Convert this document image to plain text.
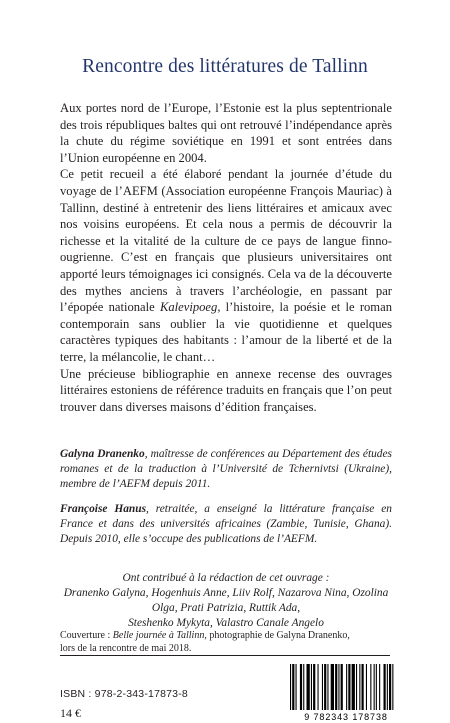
Rencontre des littératures de Tallinn

Aux portes nord de l’Europe, l’Estonie est la plus septentrionale des trois républiques baltes qui ont retrouvé l’indépendance après la chute du régime soviétique en 1991 et sont entrées dans l’Union européenne en 2004.

Ce petit recueil a été élaboré pendant la journée d’étude du voyage de l’AEFM (Association européenne François Mauriac) à Tallinn, destiné à entretenir des liens littéraires et amicaux avec nos voisins européens. Et cela nous a permis de découvrir la richesse et la vitalité de la culture de ce pays de langue finno-ougrienne. C’est en français que plusieurs universitaires ont apporté leurs témoignages ici consignés. Cela va de la découverte des mythes anciens à travers l’archéologie, en passant par l’épopée nationale Kalevipoeg, l’histoire, la poésie et le roman contemporain sans oublier la vie quotidienne et quelques caractères typiques des habitants : l’amour de la liberté et de la terre, la mélancolie, le chant…

Une précieuse bibliographie en annexe recense des ouvrages littéraires estoniens de référence traduits en français que l’on peut trouver dans diverses maisons d’édition françaises.

Galyna Dranenko, maîtresse de conférences au Département des études romanes et de la traduction à l’Université de Tchernivtsi (Ukraine), membre de l’AEFM depuis 2011.
Françoise Hanus, retraitée, a enseigné la littérature française en France et dans des universités africaines (Zambie, Tunisie, Ghana). Depuis 2010, elle s’occupe des publications de l’AEFM.
Ont contribué à la rédaction de cet ouvrage :
Dranenko Galyna, Hogenhuis Anne, Liiv Rolf, Nazarova Nina, Ozolina
Olga, Prati Patrizia, Ruttik Ada,
Steshenko Mykyta, Valastro Canale Angelo
Couverture : Belle journée à Tallinn, photographie de Galyna Dranenko,
lors de la rencontre de mai 2018.
ISBN : 978-2-343-17873-8
14 €	9 782343 178738
